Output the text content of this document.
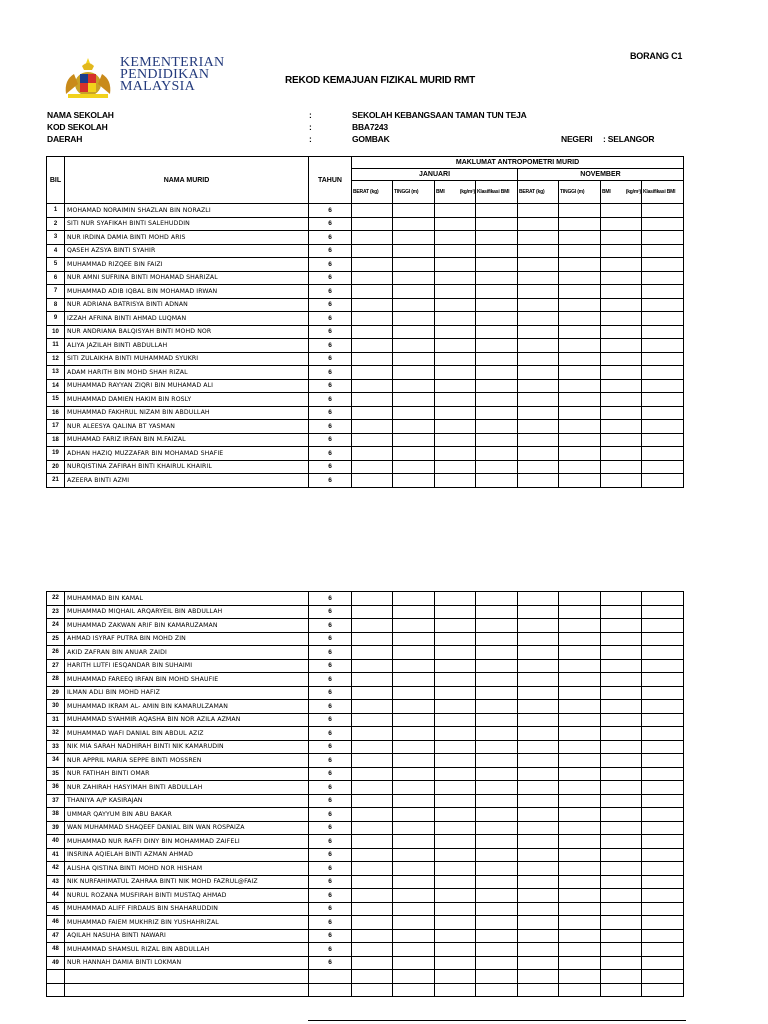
BORANG C1
KEMENTERIAN
PENDIDIKAN
MALAYSIA	REKOD KEMAJUAN FIZIKAL MURID RMT
NAMA SEKOLAH	:	SEKOLAH KEBANGSAAN TAMAN TUN TEJA
KOD SEKOLAH	:	BBA7243
DAERAH	:	GOMBAK	NEGERI : SELANGOR
BIL	NAMA MURID	TAHUN	MAKLUMAT ANTROPOMETRI MURID							
			JANUARI				NOVEMBER			
			BERAT (kg)	TINGGI (m)	BMI (kg/m²)	Klasifikasi BMI	BERAT (kg)	TINGGI (m)	BMI (kg/m²)	Klasifikasi BMI
1	MOHAMAD NORAIMIN SHAZLAN BIN NORAZLI	6								
2	SITI NUR SYAFIKAH BINTI SALEHUDDIN	6								
3	NUR IRDINA DAMIA BINTI MOHD ARIS	6								
4	QASEH AZSYA BINTI SYAHIR	6								
5	MUHAMMAD RIZQEE BIN FAIZI	6								
6	NUR AMNI SUFRINA BINTI MOHAMAD SHARIZAL	6								
7	MUHAMMAD ADIB IQBAL BIN MOHAMAD IRWAN	6								
8	NUR ADRIANA BATRISYA BINTI ADNAN	6								
9	IZZAH AFRINA BINTI AHMAD LUQMAN	6								
10	NUR ANDRIANA BALQISYAH BINTI MOHD NOR	6								
11	ALIYA JAZILAH BINTI ABDULLAH	6								
12	SITI ZULAIKHA BINTI MUHAMMAD SYUKRI	6								
13	ADAM HARITH BIN MOHD SHAH RIZAL	6								
14	MUHAMMAD RAYYAN ZIQRI BIN MUHAMAD ALI	6								
15	MUHAMMAD DAMIEN HAKIM BIN ROSLY	6								
16	MUHAMMAD FAKHRUL NIZAM BIN ABDULLAH	6								
17	NUR ALEESYA QALINA BT YASMAN	6								
18	MUHAMAD FARIZ IRFAN BIN M.FAIZAL	6								
19	ADHAN HAZIQ MUZZAFAR BIN MOHAMAD SHAFIE	6								
20	NURQISTINA ZAFIRAH BINTI KHAIRUL KHAIRIL	6								
21	AZEERA BINTI AZMI	6								
22	MUHAMMAD BIN KAMAL	6								
23	MUHAMMAD MIQHAIL ARQARYEIL BIN ABDULLAH	6								
24	MUHAMMAD ZAKWAN ARIF BIN KAMARUZAMAN	6								
25	AHMAD ISYRAF PUTRA BIN MOHD ZIN	6								
26	AKID ZAFRAN BIN ANUAR ZAIDI	6								
27	HARITH LUTFI IESQANDAR BIN SUHAIMI	6								
28	MUHAMMAD FAREEQ IRFAN BIN MOHD SHAUFIE	6								
29	ILMAN ADLI BIN MOHD HAFIZ	6								
30	MUHAMMAD IKRAM AL- AMIN BIN KAMARULZAMAN	6								
31	MUHAMMAD SYAHMIR AQASHA BIN NOR AZILA AZMAN	6								
32	MUHAMMAD WAFI DANIAL BIN ABDUL AZIZ	6								
33	NIK MIA SARAH NADHIRAH BINTI NIK KAMARUDIN	6								
34	NUR APPRIL MARIA SEPPE BINTI MOSSREN	6								
35	NUR FATIHAH BINTI OMAR	6								
36	NUR ZAHIRAH HASYIMAH BINTI ABDULLAH	6								
37	THANIYA A/P KASIRAJAN	6								
38	UMMAR QAYYUM BIN ABU BAKAR	6								
39	WAN MUHAMMAD SHAQEEF DANIAL BIN WAN ROSPAIZA	6								
40	MUHAMMAD NUR RAFFI DINY BIN MOHAMMAD ZAIFELI	6								
41	INSRINA AQIELAH BINTI AZMAN AHMAD	6								
42	ALISHA QISTINA BINTI MOHD NOR HISHAM	6								
43	NIK NURFAHIMATUL ZAHRAA BINTI NIK MOHD FAZRUL@FAIZ	6								
44	NURUL ROZANA MUSFIRAH BINTI MUSTAQ AHMAD	6								
45	MUHAMMAD ALIFF FIRDAUS BIN SHAHARUDDIN	6								
46	MUHAMMAD FAIEM MUKHRIZ BIN YUSHAHRIZAL	6								
47	AQILAH NASUHA BINTI NAWARI	6								
48	MUHAMMAD SHAMSUL RIZAL BIN ABDULLAH	6								
49	NUR HANNAH DAMIA BINTI LOKMAN	6								
